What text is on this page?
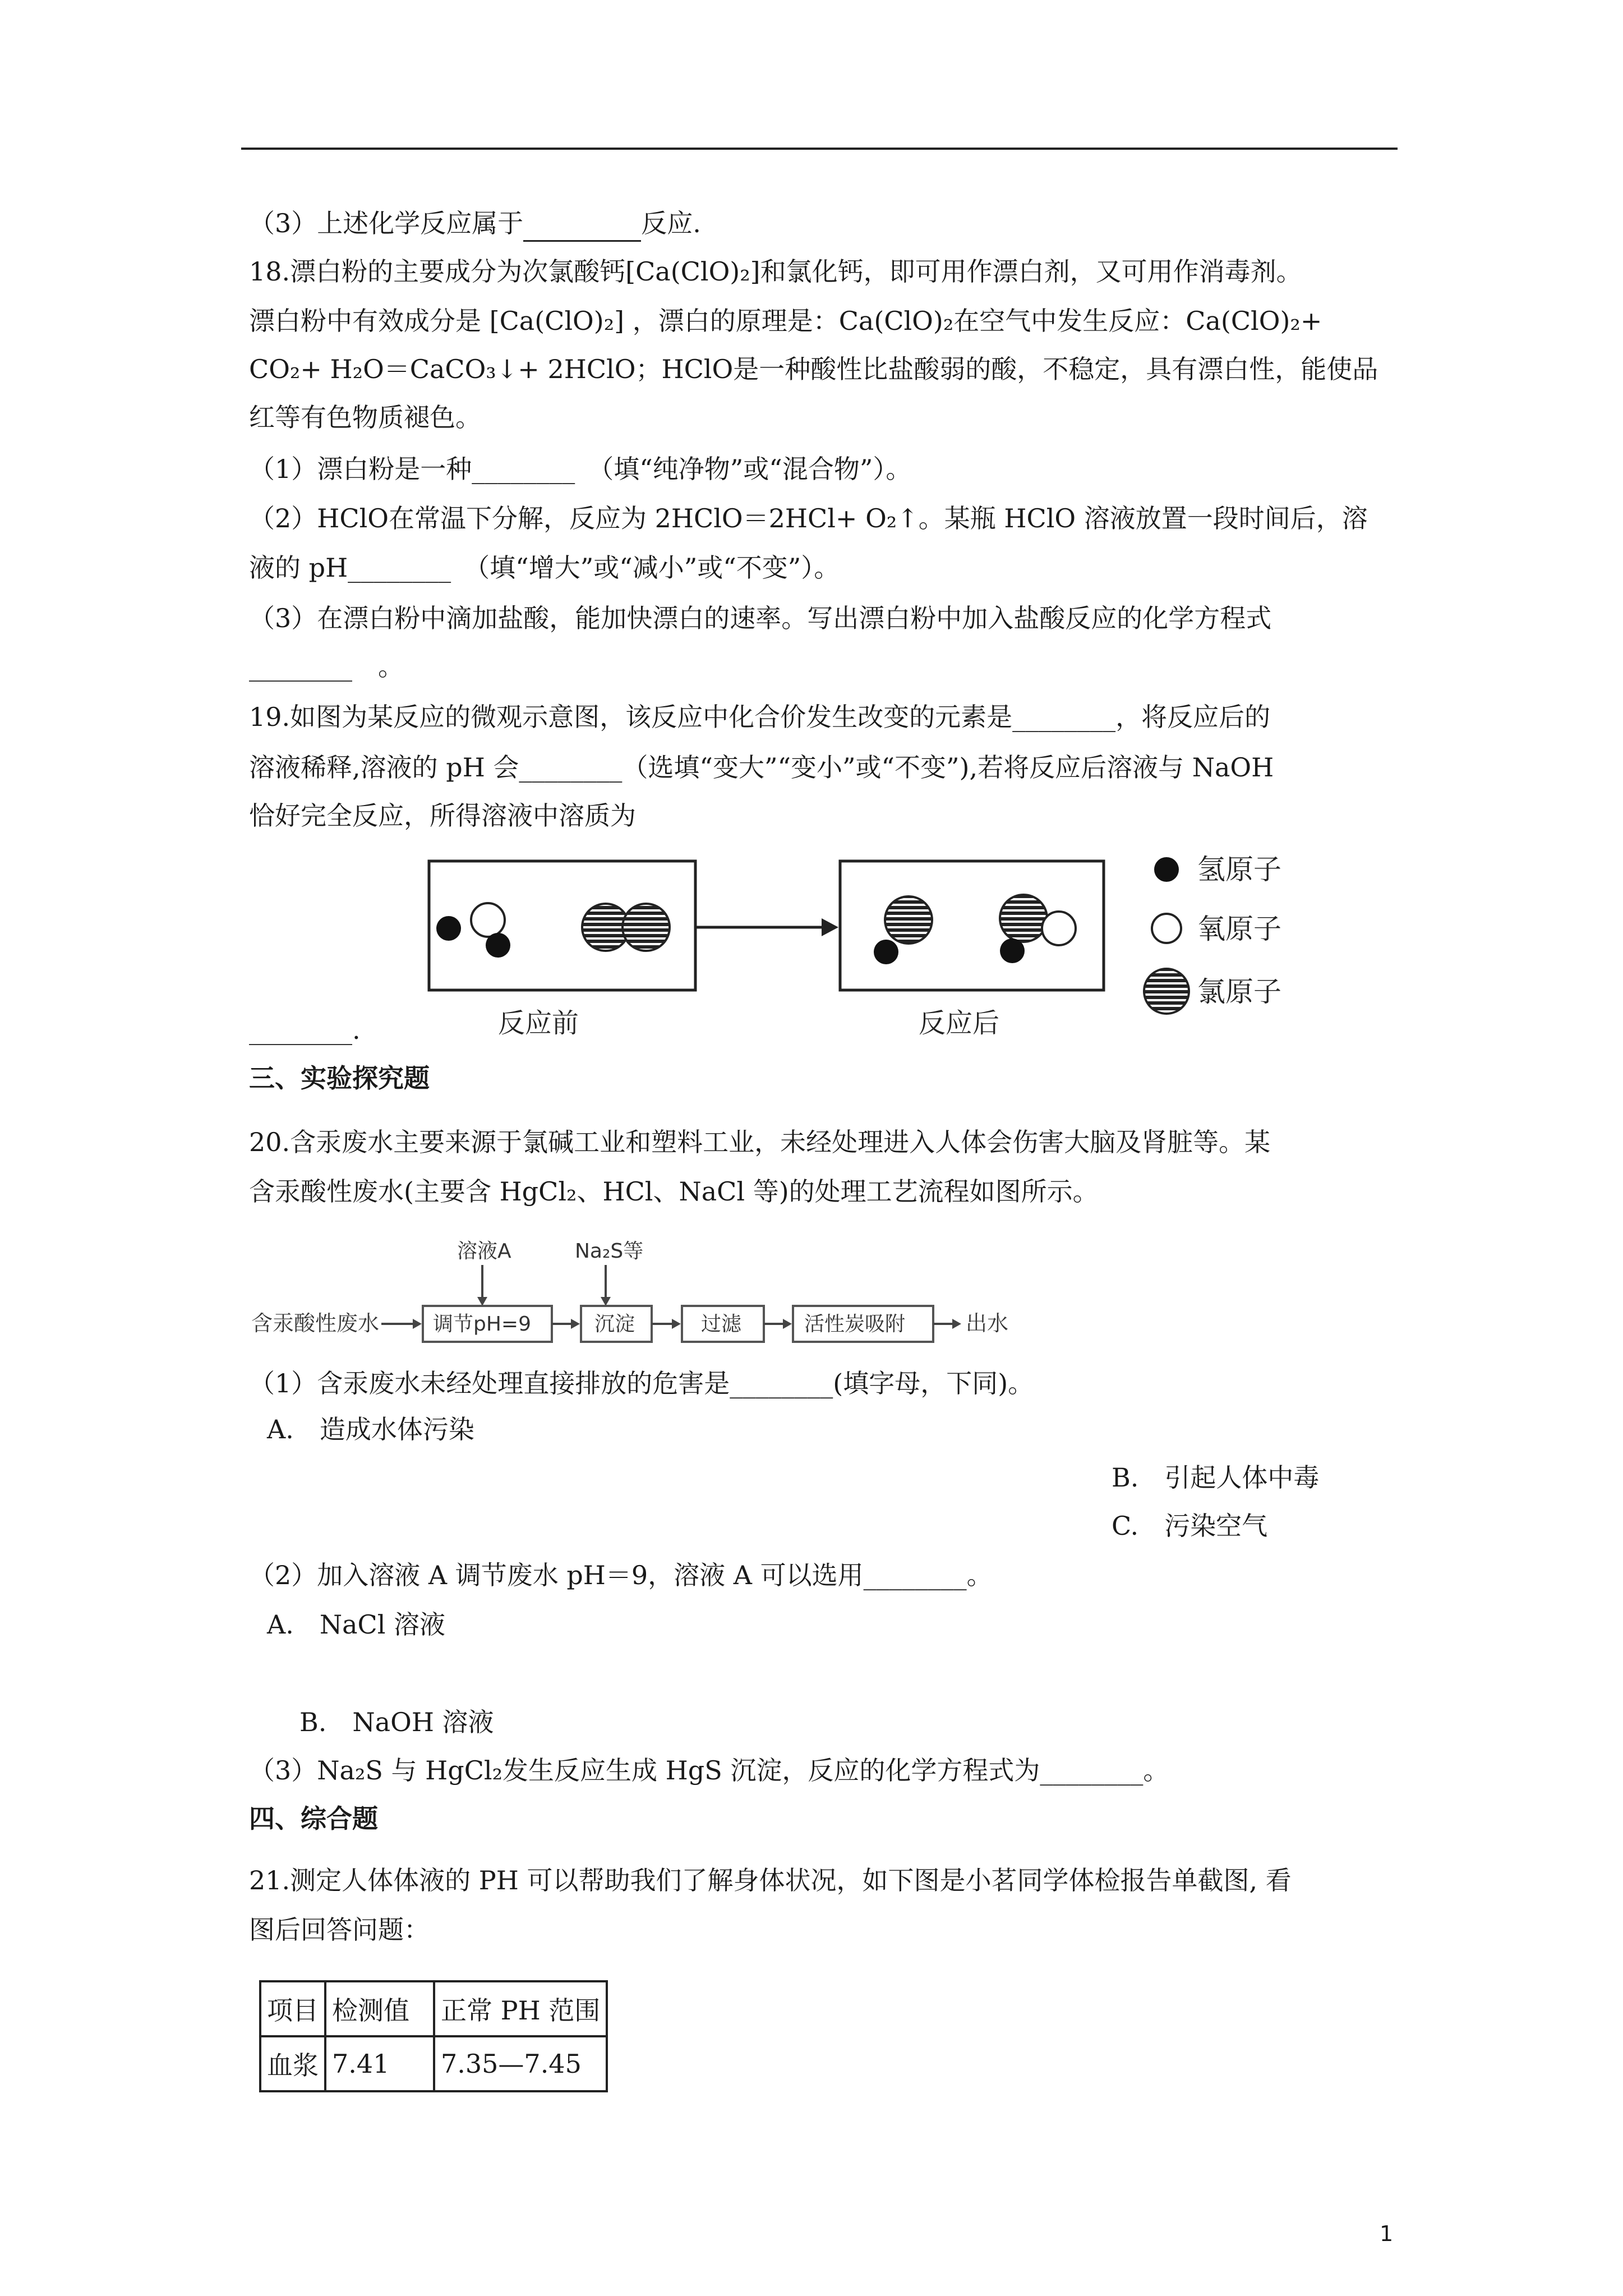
（3）上述化学反应属于	反应.
18.漂白粉的主要成分为次氯酸钙[Ca(ClO)₂]和氯化钙，即可用作漂白剂，又可用作消毒剂。
漂白粉中有效成分是 [Ca(ClO)₂] ，漂白的原理是：Ca(ClO)₂在空气中发生反应：Ca(ClO)₂+
CO₂+ H₂O＝CaCO₃↓+ 2HClO；HClO是一种酸性比盐酸弱的酸，不稳定，具有漂白性，能使品
红等有色物质褪色。
（1）漂白粉是一种________　（填“纯净物”或“混合物”）。
（2）HClO在常温下分解，反应为 2HClO＝2HCl+ O₂↑。某瓶 HClO 溶液放置一段时间后，溶
液的 pH________　（填“增大”或“减小”或“不变”）。
（3）在漂白粉中滴加盐酸，能加快漂白的速率。写出漂白粉中加入盐酸反应的化学方程式
________　。
19.如图为某反应的微观示意图，该反应中化合价发生改变的元素是________，将反应后的
溶液稀释,溶液的 pH 会________（选填“变大”“变小”或“不变”),若将反应后溶液与 NaOH
恰好完全反应，所得溶液中溶质为
反应前	反应后
氢原子
氧原子
氯原子
________.
三、实验探究题
20.含汞废水主要来源于氯碱工业和塑料工业，未经处理进入人体会伤害大脑及肾脏等。某
含汞酸性废水(主要含 HgCl₂、HCl、NaCl 等)的处理工艺流程如图所示。
含汞酸性废水	调节pH=9
溶液A
沉淀
Na₂S等
过滤	活性炭吸附	出水
（1）含汞废水未经处理直接排放的危害是________(填字母，下同)。
A.　造成水体污染
B.　引起人体中毒
C.　污染空气
（2）加入溶液 A 调节废水 pH＝9，溶液 A 可以选用________。
A.　NaCl 溶液
B.　NaOH 溶液
（3）Na₂S 与 HgCl₂发生反应生成 HgS 沉淀，反应的化学方程式为________。
四、综合题
21.测定人体体液的 PH 可以帮助我们了解身体状况，如下图是小茗同学体检报告单截图, 看
图后回答问题：
项目	检测值	正常 PH 范围
血浆	7.41	7.35—7.45
1
